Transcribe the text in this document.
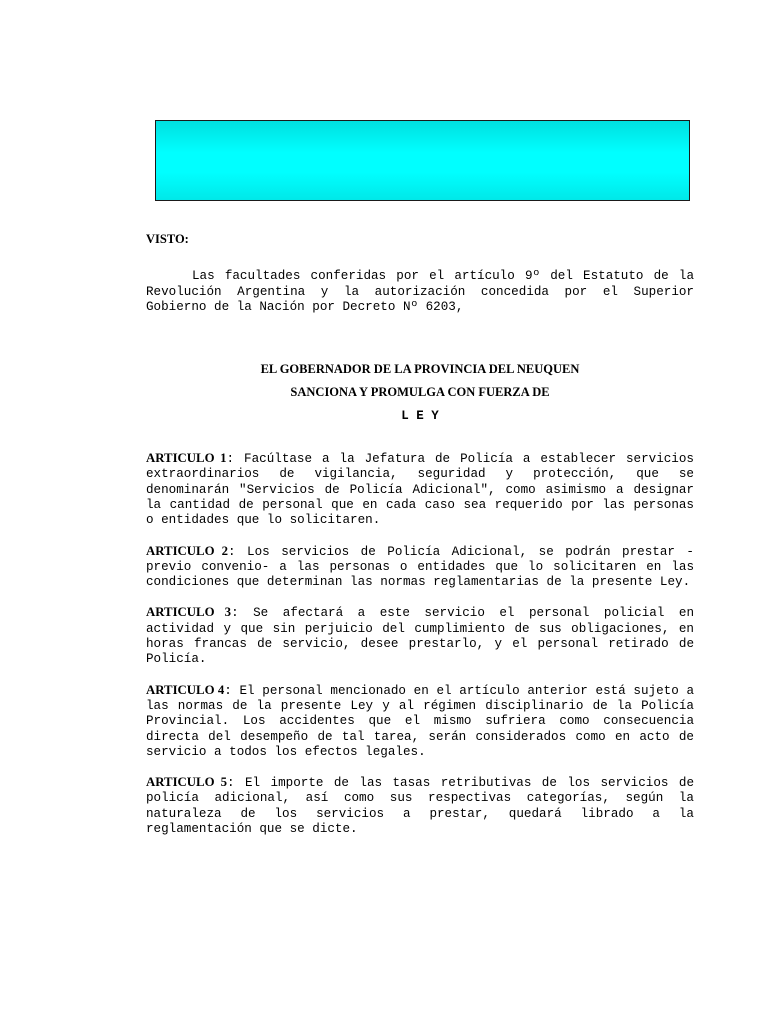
VISTO:

Las facultades conferidas por el artículo 9º del Estatuto de la Revolución Argentina y la autorización concedida por el Superior Gobierno de la Nación por Decreto Nº 6203,

EL GOBERNADOR DE LA PROVINCIA DEL NEUQUEN

SANCIONA Y PROMULGA CON FUERZA DE

L E Y

ARTICULO 1: Facúltase a la Jefatura de Policía a establecer servicios extraordinarios de vigilancia, seguridad y protección, que se denominarán "Servicios de Policía Adicional", como asimismo a designar la cantidad de personal que en cada caso sea requerido por las personas o entidades que lo solicitaren.

ARTICULO 2: Los servicios de Policía Adicional, se podrán prestar -previo convenio- a las personas o entidades que lo solicitaren en las condiciones que determinan las normas reglamentarias de la presente Ley.

ARTICULO 3: Se afectará a este servicio el personal policial en actividad y que sin perjuicio del cumplimiento de sus obligaciones, en horas francas de servicio, desee prestarlo, y el personal retirado de Policía.

ARTICULO 4: El personal mencionado en el artículo anterior está sujeto a las normas de la presente Ley y al régimen disciplinario de la Policía Provincial. Los accidentes que el mismo sufriera como consecuencia directa del desempeño de tal tarea, serán considerados como en acto de servicio a todos los efectos legales.

ARTICULO 5: El importe de las tasas retributivas de los servicios de policía adicional, así como sus respectivas categorías, según la naturaleza de los servicios a prestar, quedará librado a la reglamentación que se dicte.
